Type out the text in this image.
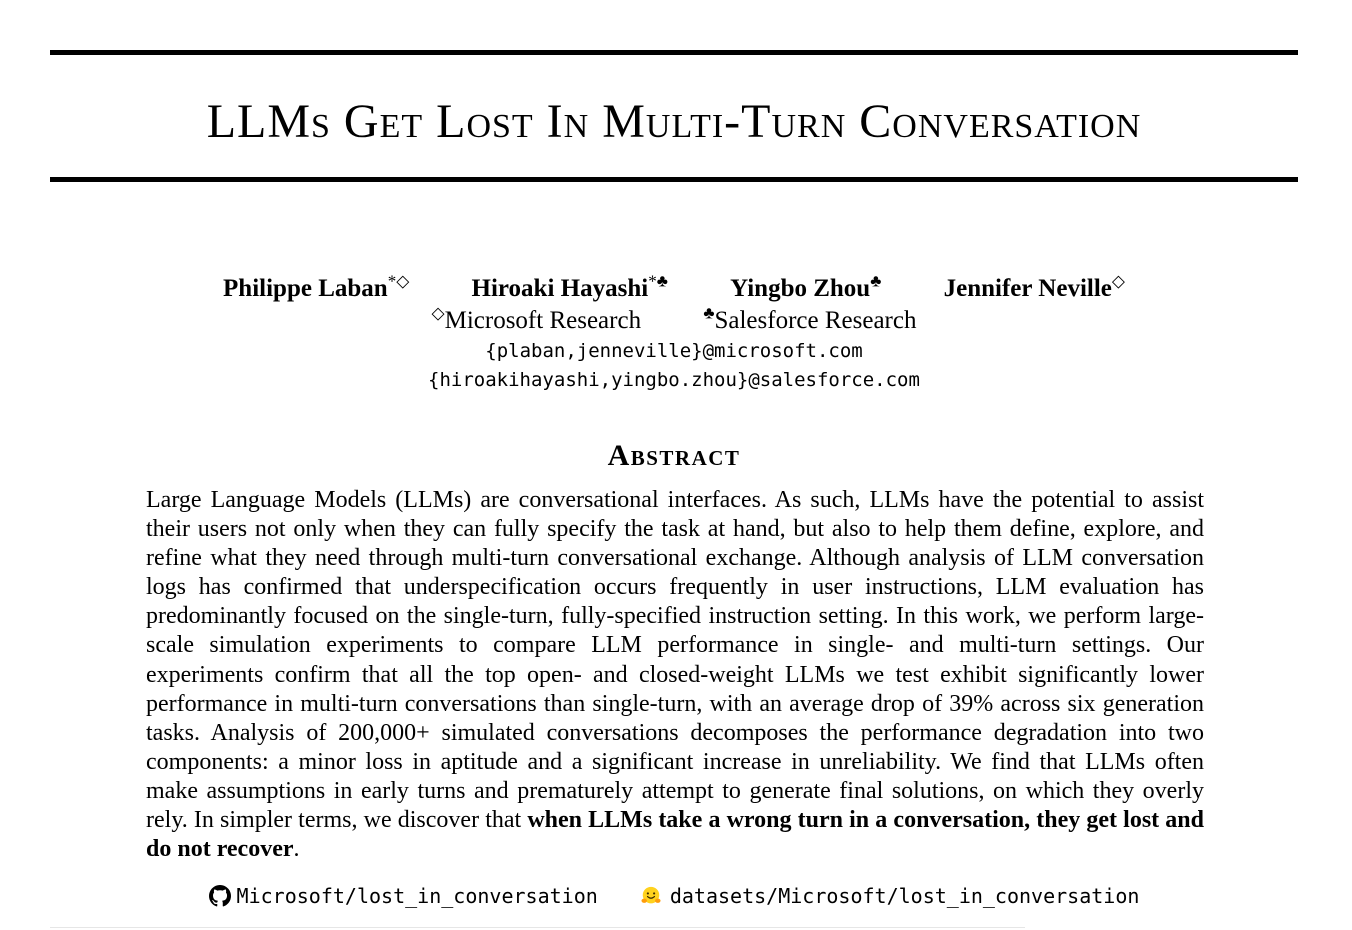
LLMs Get Lost In Multi-Turn Conversation
Philippe Laban*◇ Hiroaki Hayashi*♣ Yingbo Zhou♣ Jennifer Neville◇
◇Microsoft Research	♣Salesforce Research
{plaban,jenneville}@microsoft.com
{hiroakihayashi,yingbo.zhou}@salesforce.com
Abstract

Large Language Models (LLMs) are conversational interfaces. As such, LLMs have the potential to assist their users not only when they can fully specify the task at hand, but also to help them define, explore, and refine what they need through multi-turn conversational exchange. Although analysis of LLM conversation logs has confirmed that underspecification occurs frequently in user instructions, LLM evaluation has predominantly focused on the single-turn, fully-specified instruction setting. In this work, we perform large-scale simulation experiments to compare LLM performance in single- and multi-turn settings. Our experiments confirm that all the top open- and closed-weight LLMs we test exhibit significantly lower performance in multi-turn conversations than single-turn, with an average drop of 39% across six generation tasks. Analysis of 200,000+ simulated conversations decomposes the performance degradation into two components: a minor loss in aptitude and a significant increase in unreliability. We find that LLMs often make assumptions in early turns and prematurely attempt to generate final solutions, on which they overly rely. In simpler terms, we discover that when LLMs take a wrong turn in a conversation, they get lost and do not recover.

Microsoft/lost_in_conversation
	datasets/Microsoft/lost_in_conversation
